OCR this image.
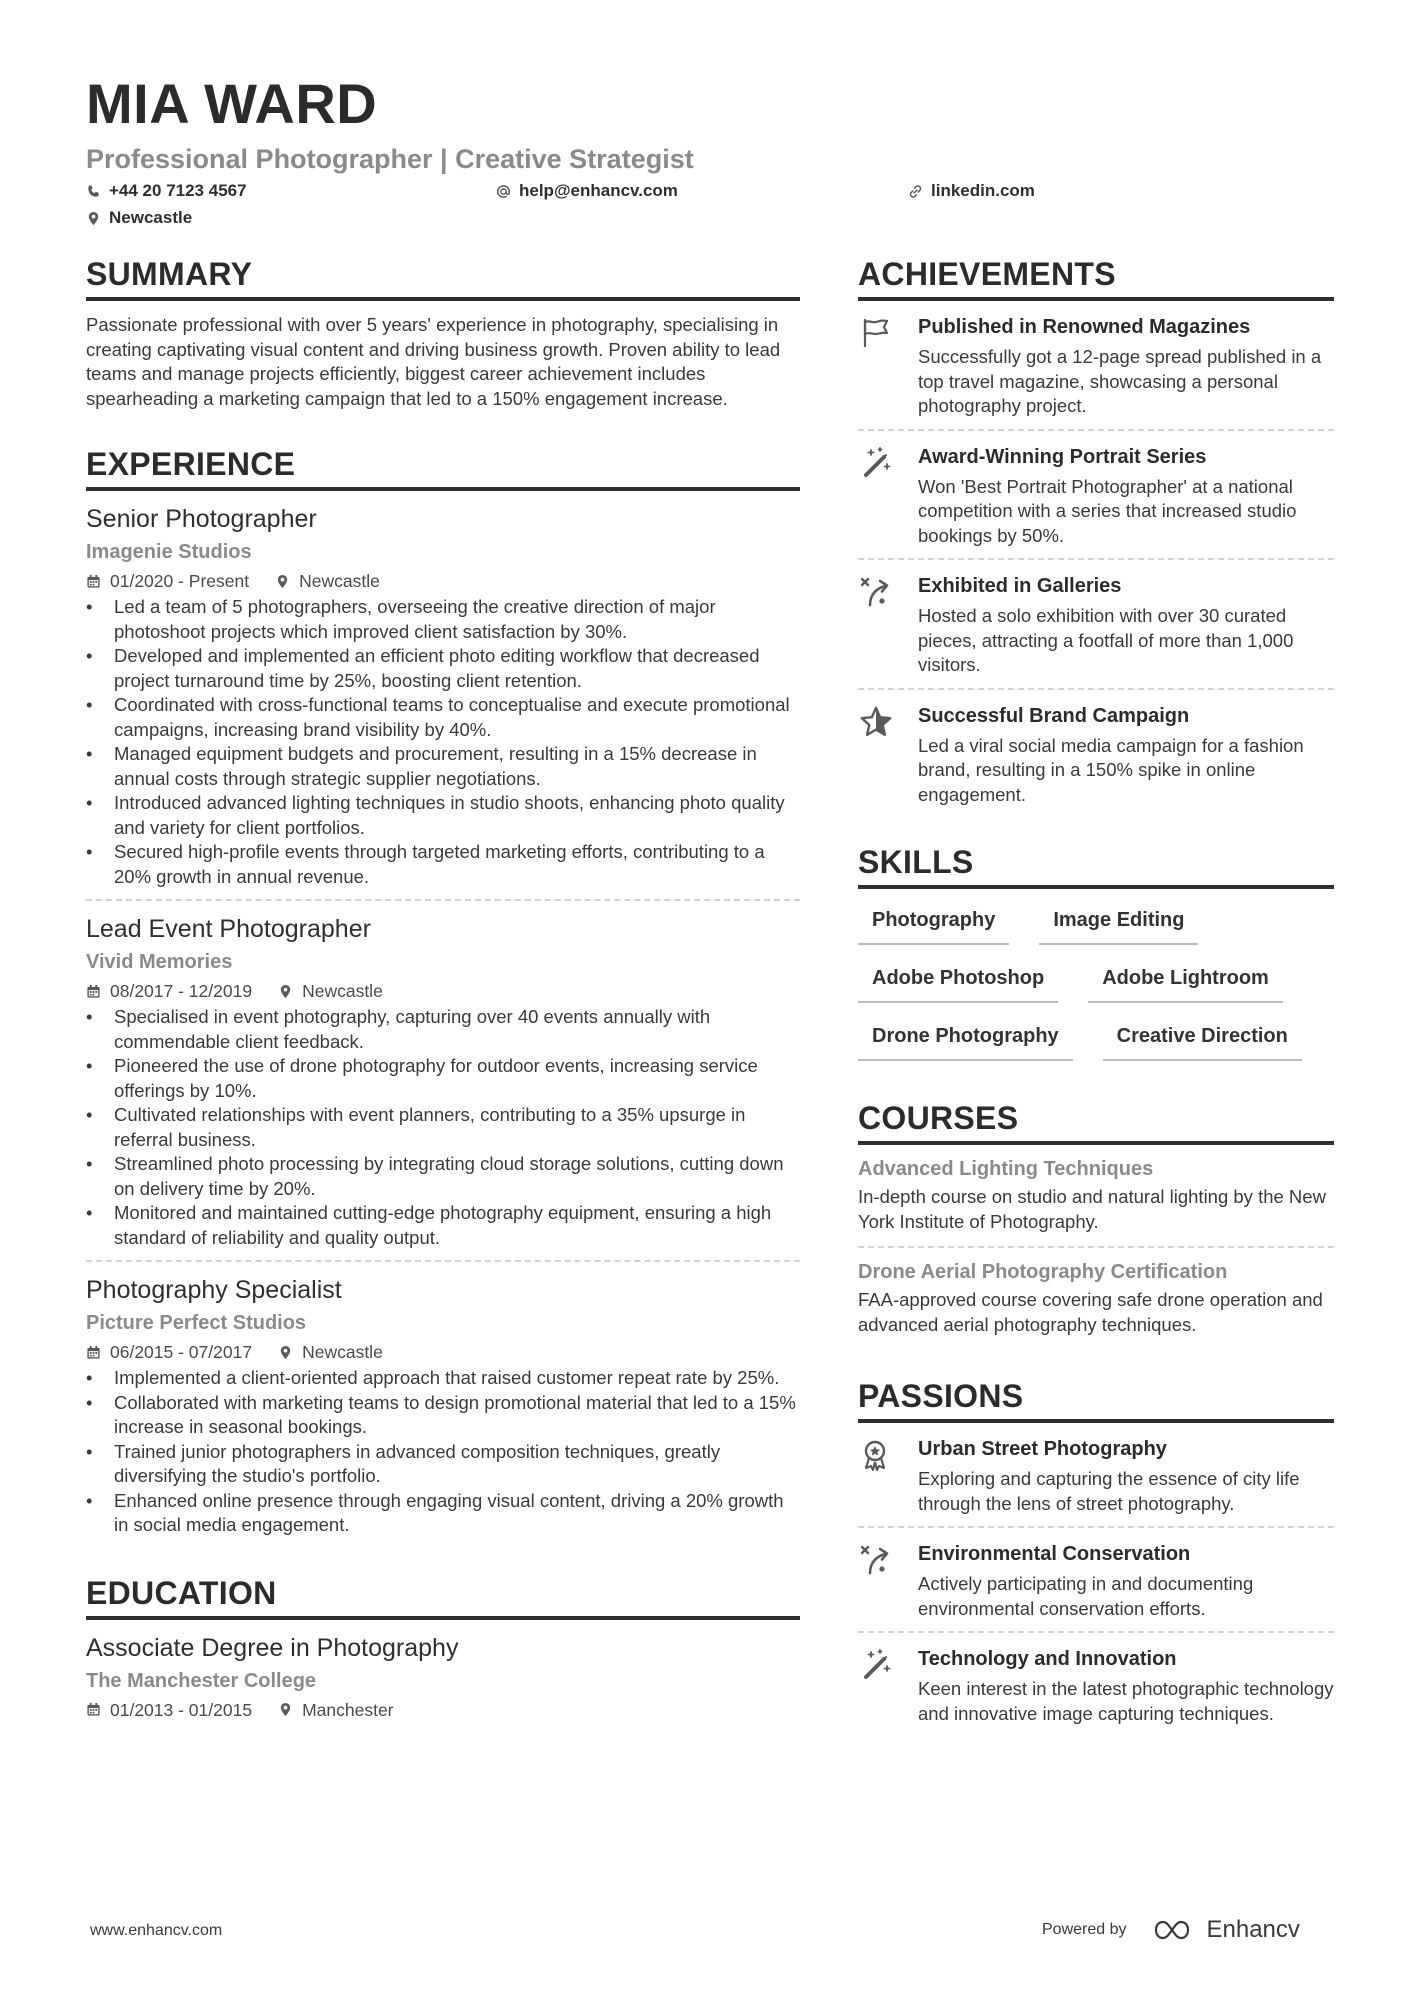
MIA WARD
Professional Photographer | Creative Strategist
+44 20 7123 4567	help@enhancv.com	linkedin.com
Newcastle
SUMMARY
Passionate professional with over 5 years' experience in photography, specialising in creating captivating visual content and driving business growth. Proven ability to lead teams and manage projects efficiently, biggest career achievement includes spearheading a marketing campaign that led to a 150% engagement increase.
EXPERIENCE
Senior Photographer
Imagenie Studios
01/2020 - Present	Newcastle
• Led a team of 5 photographers, overseeing the creative direction of major photoshoot projects which improved client satisfaction by 30%.
• Developed and implemented an efficient photo editing workflow that decreased project turnaround time by 25%, boosting client retention.
• Coordinated with cross-functional teams to conceptualise and execute promotional campaigns, increasing brand visibility by 40%.
• Managed equipment budgets and procurement, resulting in a 15% decrease in annual costs through strategic supplier negotiations.
• Introduced advanced lighting techniques in studio shoots, enhancing photo quality and variety for client portfolios.
• Secured high-profile events through targeted marketing efforts, contributing to a 20% growth in annual revenue.
Lead Event Photographer
Vivid Memories
08/2017 - 12/2019	Newcastle
• Specialised in event photography, capturing over 40 events annually with commendable client feedback.
• Pioneered the use of drone photography for outdoor events, increasing service offerings by 10%.
• Cultivated relationships with event planners, contributing to a 35% upsurge in referral business.
• Streamlined photo processing by integrating cloud storage solutions, cutting down on delivery time by 20%.
• Monitored and maintained cutting-edge photography equipment, ensuring a high standard of reliability and quality output.
Photography Specialist
Picture Perfect Studios
06/2015 - 07/2017	Newcastle
• Implemented a client-oriented approach that raised customer repeat rate by 25%.
• Collaborated with marketing teams to design promotional material that led to a 15% increase in seasonal bookings.
• Trained junior photographers in advanced composition techniques, greatly diversifying the studio's portfolio.
• Enhanced online presence through engaging visual content, driving a 20% growth in social media engagement.
EDUCATION
Associate Degree in Photography
The Manchester College
01/2013 - 01/2015	Manchester
ACHIEVEMENTS
Published in Renowned Magazines
Successfully got a 12-page spread published in a top travel magazine, showcasing a personal photography project.
Award-Winning Portrait Series
Won 'Best Portrait Photographer' at a national competition with a series that increased studio bookings by 50%.
Exhibited in Galleries
Hosted a solo exhibition with over 30 curated pieces, attracting a footfall of more than 1,000 visitors.
Successful Brand Campaign
Led a viral social media campaign for a fashion brand, resulting in a 150% spike in online engagement.
SKILLS
Photography	Image Editing
Adobe Photoshop	Adobe Lightroom
Drone Photography	Creative Direction
COURSES
Advanced Lighting Techniques
In-depth course on studio and natural lighting by the New York Institute of Photography.
Drone Aerial Photography Certification
FAA-approved course covering safe drone operation and advanced aerial photography techniques.
PASSIONS
Urban Street Photography
Exploring and capturing the essence of city life through the lens of street photography.
Environmental Conservation
Actively participating in and documenting environmental conservation efforts.
Technology and Innovation
Keen interest in the latest photographic technology and innovative image capturing techniques.
www.enhancv.com	Powered by	Enhancv
